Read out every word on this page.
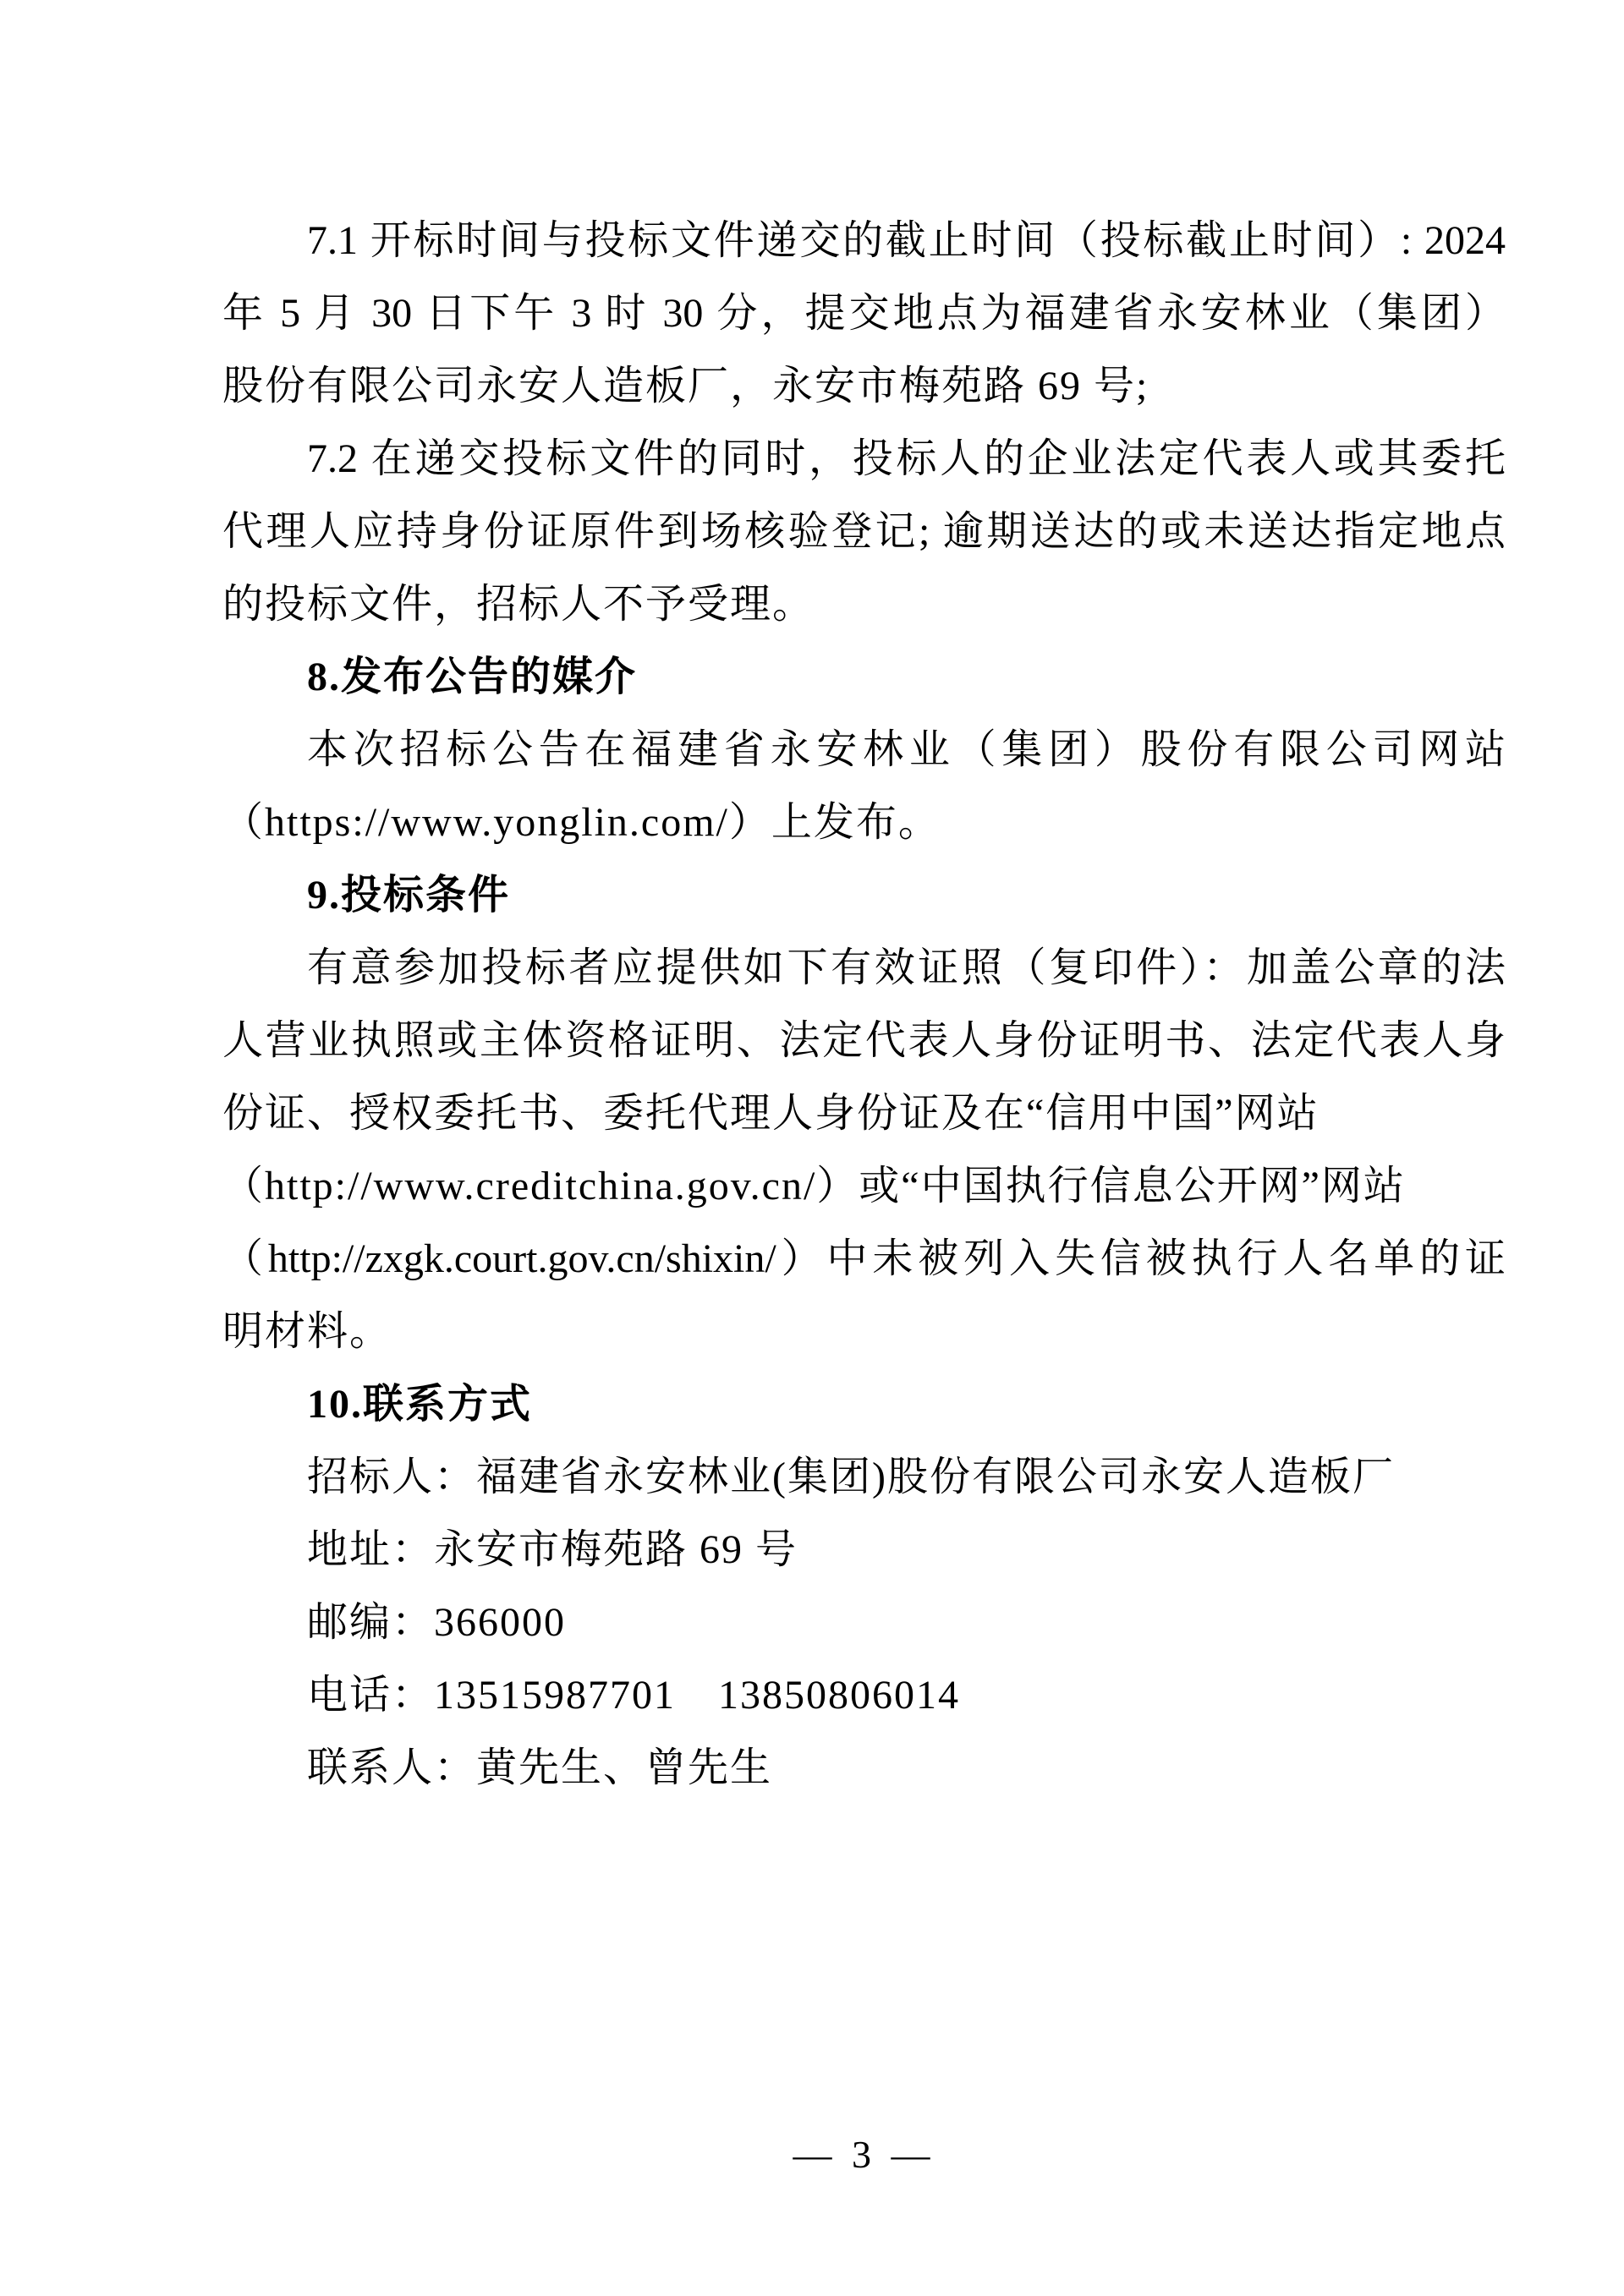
7.1 开标时间与投标文件递交的截止时间（投标截止时间）: 2024
年 5 月 30 日下午 3 时 30 分，提交地点为福建省永安林业（集团）
股份有限公司永安人造板厂，永安市梅苑路 69 号;
7.2 在递交投标文件的同时，投标人的企业法定代表人或其委托
代理人应持身份证原件到场核验登记; 逾期送达的或未送达指定地点
的投标文件，招标人不予受理。
8.发布公告的媒介
本次招标公告在福建省永安林业（集团）股份有限公司网站
（https://www.yonglin.com/）上发布。
9.投标条件
有意参加投标者应提供如下有效证照（复印件）：加盖公章的法
人营业执照或主体资格证明、法定代表人身份证明书、法定代表人身
份证、授权委托书、委托代理人身份证及在“信用中国”网站
（http://www.creditchina.gov.cn/）或“中国执行信息公开网”网站
（http://zxgk.court.gov.cn/shixin/）中未被列入失信被执行人名单的证
明材料。
10.联系方式
招标人：福建省永安林业(集团)股份有限公司永安人造板厂
地址：永安市梅苑路 69 号
邮编：366000
电话：13515987701　13850806014
联系人：黄先生、曾先生
— 3 —
